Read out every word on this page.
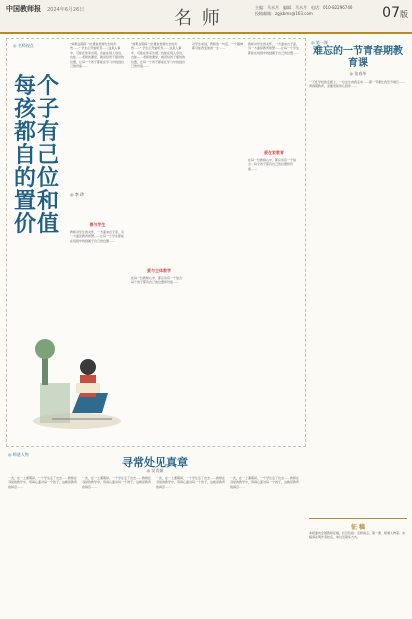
中国教师报 2024年6月26日	名 师
主编：马水月　编辑：马水月　电话：010-82296746
投稿邮箱：zgjsbms@163.com	07版
◎ 名师视点
每个孩子都有自己的位置和价值
◎ 李 珍
"如果在期间一位课堂老师出去时仍然……" 学生们开始听见……这是人事中，可能在你家出现，也能在别人身边，也能……老师的课堂，就是给孩子提供的位置，让每一个孩子都能在学习中找到自己的价值……
善与学生
教师对学生的关怀，一方面来自于爱，另一方面是教育智慧……让每一个学生都能在班级中找到属于自己的位置……
"如果在期间一位课堂老师出去时仍然……" 学生们开始听见……这是人事中，可能在你家出现，也能在别人身边，也能……老师的课堂，就是给孩子提供的位置，让每一个孩子都能在学习中找到自己的价值……
爱与主体教学
在每一位教师心中，都应该有一个信念：每个孩子都有自己的位置和价值……
对学生来说，教师的一句话、一个眼神都可能改变他的一生……
爱在家教育
教师对学生的关怀，一方面来自于爱，另一方面是教育智慧……让每一个学生都能在班级中找到属于自己的位置……
在每一位教师心中，都应该有一个信念：每个孩子都有自己的位置和价值……
◎ 第一课
难忘的一节青春期教育课
◎ 张春华
一天在学校的走廊上，一位女生向我走来……那一节课让我至今难忘……青春期教育，需要老师用心陪伴……
征 稿
本版面向全国教师征稿，栏目包括：名师视点、第一课、师道人物等。来稿请注明作者姓名、单位及联系方式。
◎ 师道人物
寻常处见真章
◎ 吴青娟
一次，在一上课期间，一个学生走了出去……教师在寻常的教学中，用真心面对每一个孩子，这就是教育的真章……
一次，在一上课期间，一个学生走了出去……教师在寻常的教学中，用真心面对每一个孩子，这就是教育的真章……
一次，在一上课期间，一个学生走了出去……教师在寻常的教学中，用真心面对每一个孩子，这就是教育的真章……
一次，在一上课期间，一个学生走了出去……教师在寻常的教学中，用真心面对每一个孩子，这就是教育的真章……
